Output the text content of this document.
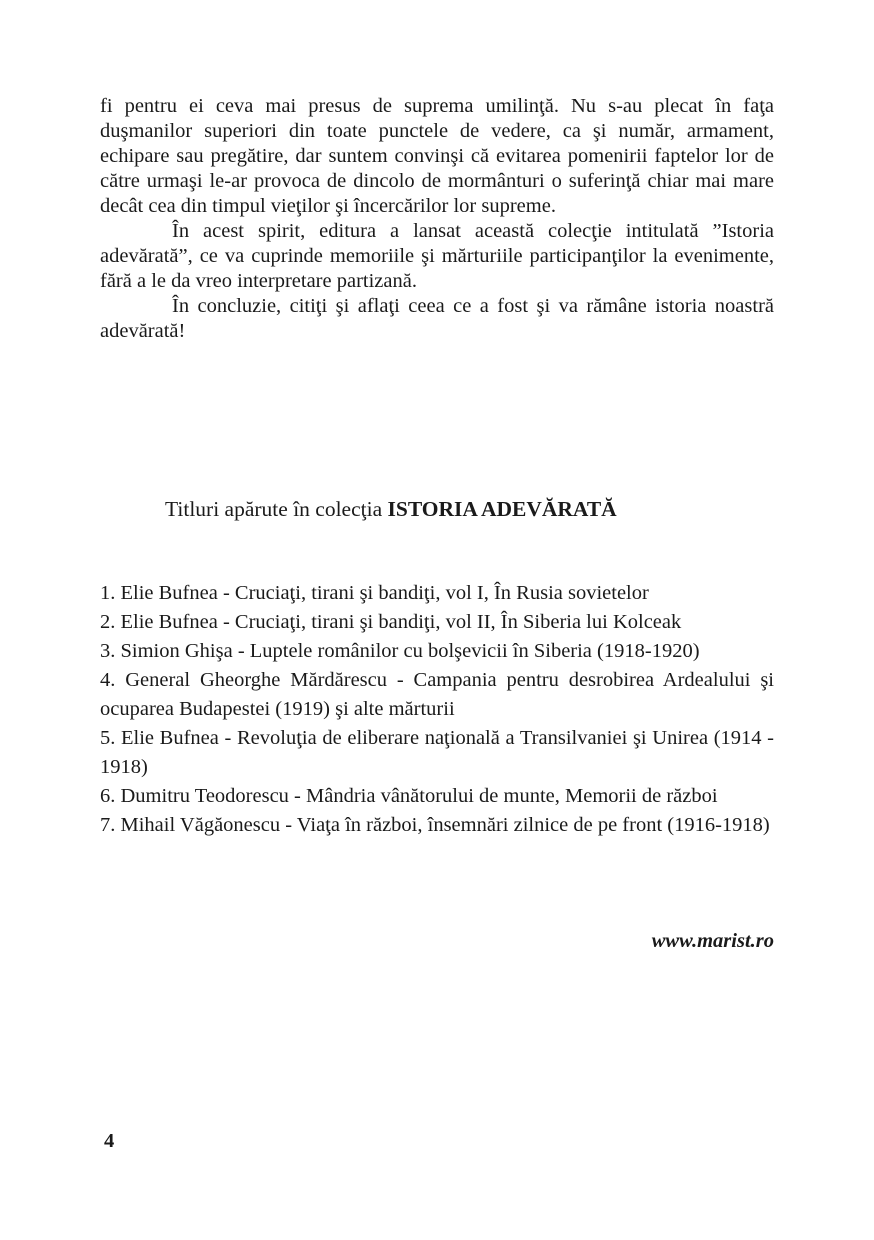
fi pentru ei ceva mai presus de suprema umilinţă. Nu s-au plecat în faţa duşmanilor superiori din toate punctele de vedere, ca şi număr, armament, echipare sau pregătire, dar suntem convinşi că evitarea pomenirii faptelor lor de către urmaşi le-ar provoca de dincolo de mormânturi o suferinţă chiar mai mare decât cea din timpul vieţilor şi încercărilor lor supreme.

În acest spirit, editura a lansat această colecţie intitulată ”Istoria adevărată”, ce va cuprinde memoriile şi mărturiile participanţilor la evenimente, fără a le da vreo interpretare partizană.

În concluzie, citiţi şi aflaţi ceea ce a fost şi va rămâne istoria noastră adevărată!

Titluri apărute în colecţia ISTORIA ADEVĂRATĂ
1. Elie Bufnea - Cruciaţi, tirani şi bandiţi, vol I, În Rusia sovietelor
2. Elie Bufnea - Cruciaţi, tirani şi bandiţi, vol II, În Siberia lui Kolceak
3. Simion Ghişa - Luptele românilor cu bolşevicii în Siberia (1918-1920)
4. General Gheorghe Mărdărescu - Campania pentru desrobirea Ardealului şi ocuparea Budapestei (1919) şi alte mărturii
5. Elie Bufnea - Revoluţia de eliberare naţională a Transilvaniei şi Unirea (1914 - 1918)
6. Dumitru Teodorescu - Mândria vânătorului de munte, Memorii de război
7. Mihail Văgăonescu - Viaţa în război, însemnări zilnice de pe front (1916-1918)
www.marist.ro
4
